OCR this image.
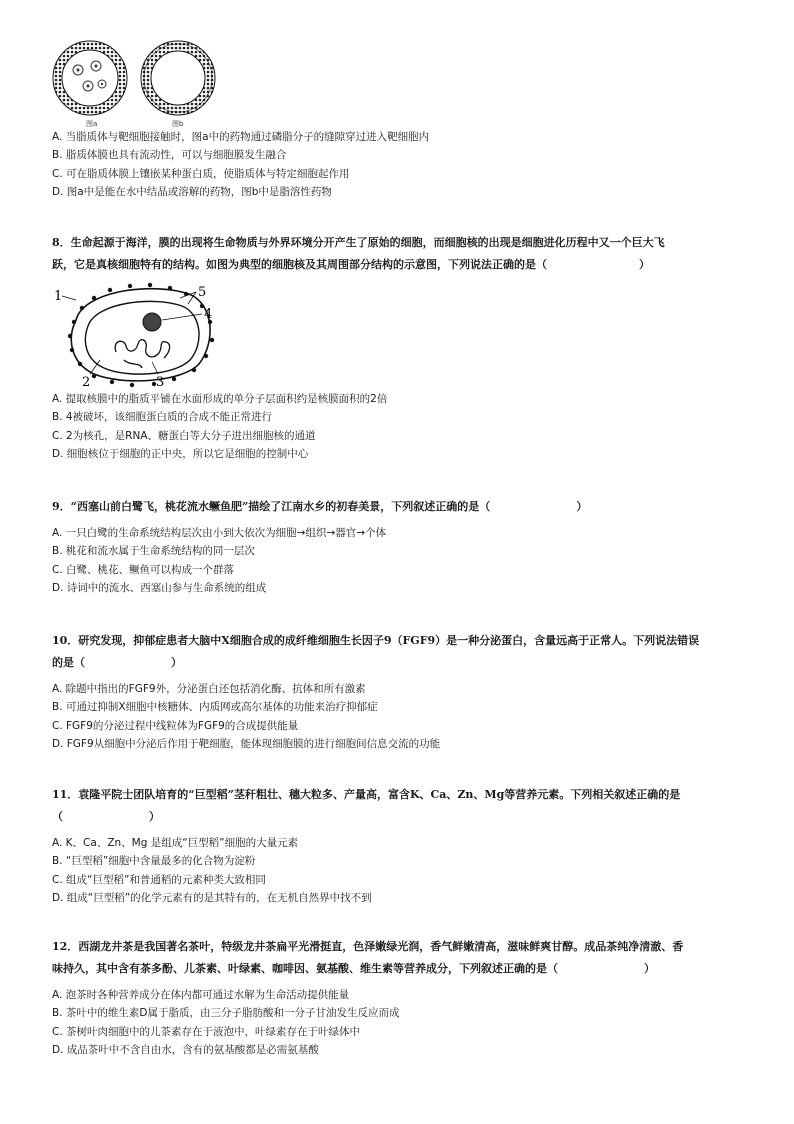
图a	图b

A. 当脂质体与靶细胞接触时，图a中的药物通过磷脂分子的缝隙穿过进入靶细胞内

B. 脂质体膜也具有流动性，可以与细胞膜发生融合

C. 可在脂质体膜上镶嵌某种蛋白质，使脂质体与特定细胞起作用

D. 图a中是能在水中结晶或溶解的药物，图b中是脂溶性药物

8．生命起源于海洋，膜的出现将生命物质与外界环境分开产生了原始的细胞，而细胞核的出现是细胞进化历程中又一个巨大飞
跃，它是真核细胞特有的结构。如图为典型的细胞核及其周围部分结构的示意图，下列说法正确的是（	）

1	5
4
2	3

A. 提取核膜中的脂质平铺在水面形成的单分子层面积约是核膜面积的2倍

B. 4被破坏，该细胞蛋白质的合成不能正常进行

C. 2为核孔，是RNA、糖蛋白等大分子进出细胞核的通道

D. 细胞核位于细胞的正中央，所以它是细胞的控制中心

9．“西塞山前白鹭飞，桃花流水鳜鱼肥”描绘了江南水乡的初春美景，下列叙述正确的是（	）

A. 一只白鹭的生命系统结构层次由小到大依次为细胞→组织→器官→个体

B. 桃花和流水属于生命系统结构的同一层次

C. 白鹭、桃花、鳜鱼可以构成一个群落

D. 诗词中的流水、西塞山参与生命系统的组成

10．研究发现，抑郁症患者大脑中X细胞合成的成纤维细胞生长因子9（FGF9）是一种分泌蛋白，含量远高于正常人。下列说法错误
的是（	）

A. 除题中指出的FGF9外，分泌蛋白还包括消化酶、抗体和所有激素

B. 可通过抑制X细胞中核糖体、内质网或高尔基体的功能来治疗抑郁症

C. FGF9的分泌过程中线粒体为FGF9的合成提供能量

D. FGF9从细胞中分泌后作用于靶细胞，能体现细胞膜的进行细胞间信息交流的功能

11．袁隆平院士团队培育的“巨型稻”茎秆粗壮、穗大粒多、产量高，富含K、Ca、Zn、Mg等营养元素。下列相关叙述正确的是
（	）

A. K、Ca、Zn、Mg 是组成“巨型稻”细胞的大量元素

B. “巨型稻”细胞中含量最多的化合物为淀粉

C. 组成“巨型稻”和普通稻的元素种类大致相同

D. 组成“巨型稻”的化学元素有的是其特有的，在无机自然界中找不到

12．西湖龙井茶是我国著名茶叶，特级龙井茶扁平光滑挺直，色泽嫩绿光润，香气鲜嫩清高，滋味鲜爽甘醇。成品茶纯净清澈、香
味持久，其中含有茶多酚、儿茶素、叶绿素、咖啡因、氨基酸、维生素等营养成分，下列叙述正确的是（	）

A. 泡茶时各种营养成分在体内都可通过水解为生命活动提供能量

B. 茶叶中的维生素D属于脂质，由三分子脂肪酸和一分子甘油发生反应而成

C. 茶树叶肉细胞中的儿茶素存在于液泡中，叶绿素存在于叶绿体中

D. 成品茶叶中不含自由水，含有的氨基酸都是必需氨基酸
